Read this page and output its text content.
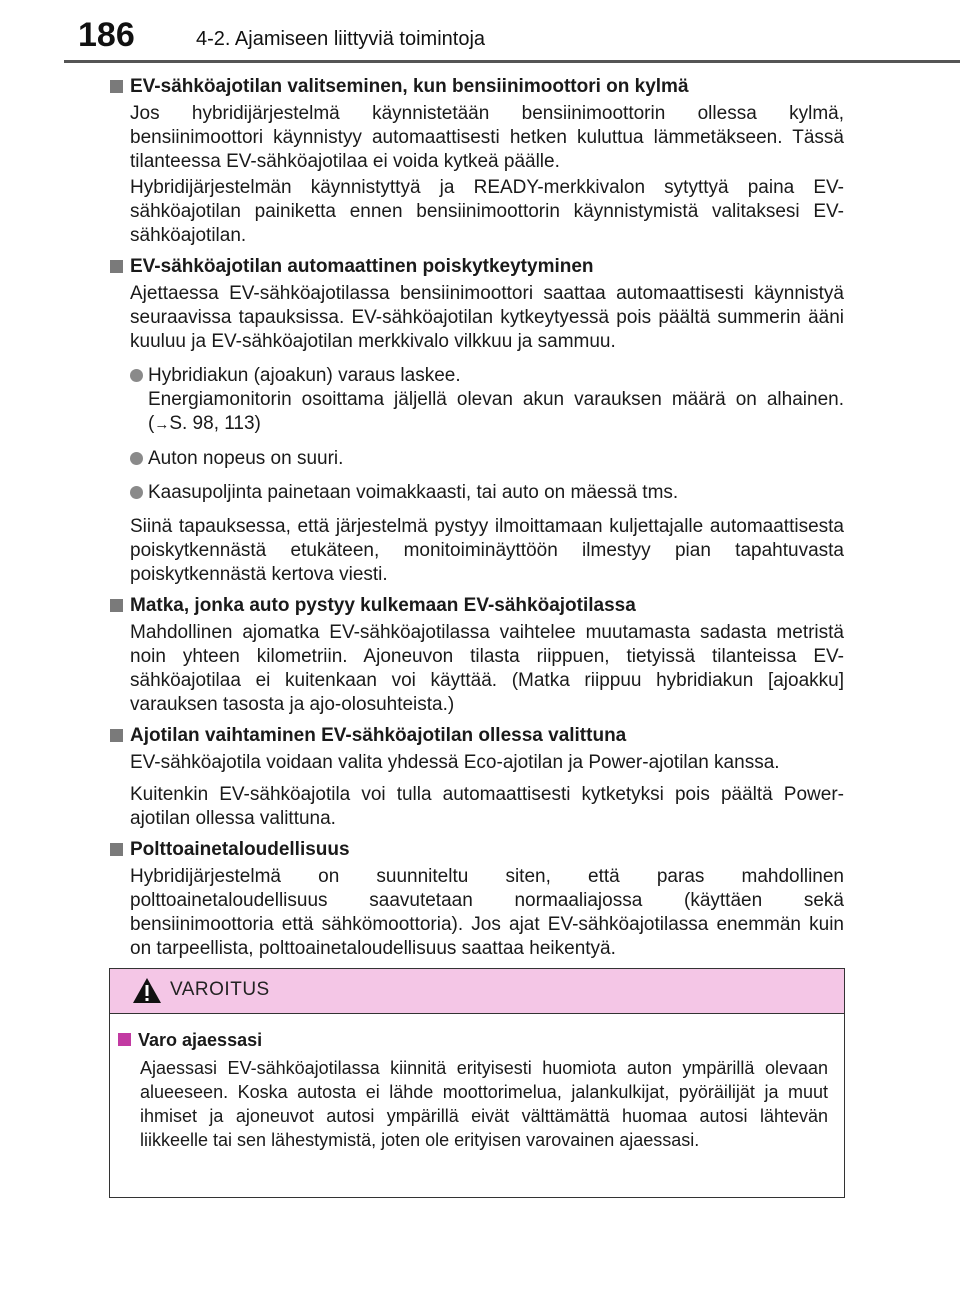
186	4-2. Ajamiseen liittyviä toimintoja
EV-sähköajotilan valitseminen, kun bensiinimoottori on kylmä
Jos hybridijärjestelmä käynnistetään bensiinimoottorin ollessa kylmä, bensiinimoottori käynnistyy automaattisesti hetken kuluttua lämmetäkseen. Tässä tilanteessa EV-sähköajotilaa ei voida kytkeä päälle.
Hybridijärjestelmän käynnistyttyä ja READY-merkkivalon sytyttyä paina EV-sähköajotilan painiketta ennen bensiinimoottorin käynnistymistä valitaksesi EV-sähköajotilan.
EV-sähköajotilan automaattinen poiskytkeytyminen
Ajettaessa EV-sähköajotilassa bensiinimoottori saattaa automaattisesti käynnistyä seuraavissa tapauksissa. EV-sähköajotilan kytkeytyessä pois päältä summerin ääni kuuluu ja EV-sähköajotilan merkkivalo vilkkuu ja sammuu.
Hybridiakun (ajoakun) varaus laskee.
Energiamonitorin osoittama jäljellä olevan akun varauksen määrä on alhainen. (→S. 98, 113)
Auton nopeus on suuri.
Kaasupoljinta painetaan voimakkaasti, tai auto on mäessä tms.
Siinä tapauksessa, että järjestelmä pystyy ilmoittamaan kuljettajalle automaattisesta poiskytkennästä etukäteen, monitoiminäyttöön ilmestyy pian tapahtuvasta poiskytkennästä kertova viesti.
Matka, jonka auto pystyy kulkemaan EV-sähköajotilassa
Mahdollinen ajomatka EV-sähköajotilassa vaihtelee muutamasta sadasta metristä noin yhteen kilometriin. Ajoneuvon tilasta riippuen, tietyissä tilanteissa EV-sähköajotilaa ei kuitenkaan voi käyttää. (Matka riippuu hybridiakun [ajoakku] varauksen tasosta ja ajo-olosuhteista.)
Ajotilan vaihtaminen EV-sähköajotilan ollessa valittuna
EV-sähköajotila voidaan valita yhdessä Eco-ajotilan ja Power-ajotilan kanssa.
Kuitenkin EV-sähköajotila voi tulla automaattisesti kytketyksi pois päältä Power-ajotilan ollessa valittuna.
Polttoainetaloudellisuus
Hybridijärjestelmä on suunniteltu siten, että paras mahdollinen polttoainetaloudellisuus saavutetaan normaaliajossa (käyttäen sekä bensiinimoottoria että sähkömoottoria). Jos ajat EV-sähköajotilassa enemmän kuin on tarpeellista, polttoainetaloudellisuus saattaa heikentyä.
VAROITUS
Varo ajaessasi
Ajaessasi EV-sähköajotilassa kiinnitä erityisesti huomiota auton ympärillä olevaan alueeseen. Koska autosta ei lähde moottorimelua, jalankulkijat, pyöräilijät ja muut ihmiset ja ajoneuvot autosi ympärillä eivät välttämättä huomaa autosi lähtevän liikkeelle tai sen lähestymistä, joten ole erityisen varovainen ajaessasi.
